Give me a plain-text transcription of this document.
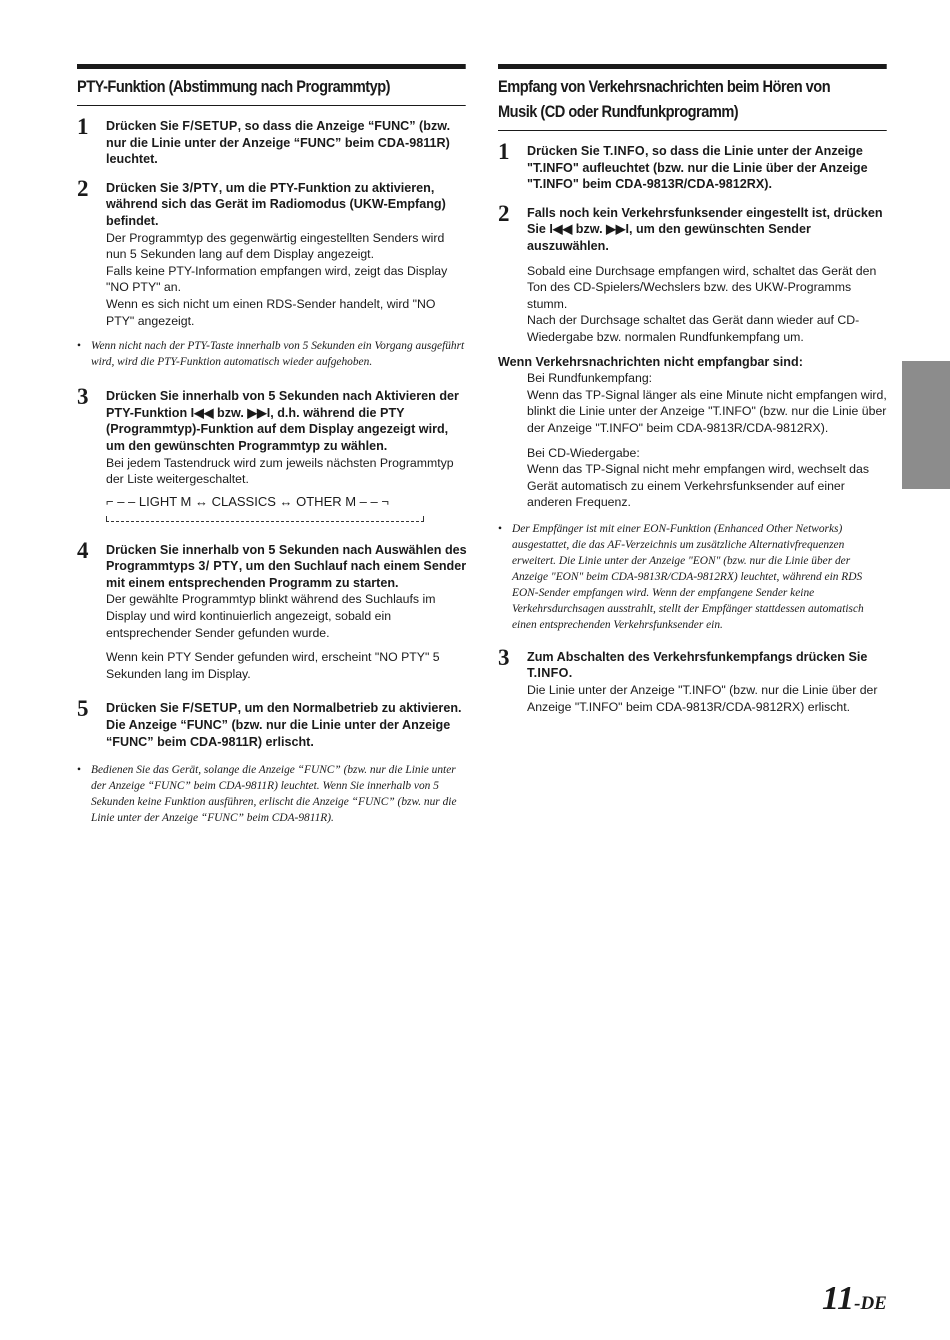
PTY-Funktion (Abstimmung nach Programmtyp)
1 Drücken Sie F/SETUP, so dass die Anzeige “FUNC” (bzw. nur die Linie unter der Anzeige “FUNC” beim CDA-9811R) leuchtet.
2 Drücken Sie 3/PTY, um die PTY-Funktion zu aktivieren, während sich das Gerät im Radiomodus (UKW-Empfang) befindet.
Der Programmtyp des gegenwärtig eingestellten Senders wird nun 5 Sekunden lang auf dem Display angezeigt.
Falls keine PTY-Information empfangen wird, zeigt das Display "NO PTY" an.
Wenn es sich nicht um einen RDS-Sender handelt, wird "NO PTY" angezeigt.
• Wenn nicht nach der PTY-Taste innerhalb von 5 Sekunden ein Vorgang ausgeführt wird, wird die PTY-Funktion automatisch wieder aufgehoben.
3 Drücken Sie innerhalb von 5 Sekunden nach Aktivieren der PTY-Funktion I◀◀ bzw. ▶▶I, d.h. während die PTY (Programmtyp)-Funktion auf dem Display angezeigt wird, um den gewünschten Programmtyp zu wählen.
Bei jedem Tastendruck wird zum jeweils nächsten Programmtyp der Liste weitergeschaltet.
⌐ – – LIGHT M ↔ CLASSICS ↔ OTHER M – – ¬
4 Drücken Sie innerhalb von 5 Sekunden nach Auswählen des Programmtyps 3/ PTY, um den Suchlauf nach einem Sender mit einem entsprechenden Programm zu starten.
Der gewählte Programmtyp blinkt während des Suchlaufs im Display und wird kontinuierlich angezeigt, sobald ein entsprechender Sender gefunden wurde.
Wenn kein PTY Sender gefunden wird, erscheint "NO PTY" 5 Sekunden lang im Display.
5 Drücken Sie F/SETUP, um den Normalbetrieb zu aktivieren.
Die Anzeige “FUNC” (bzw. nur die Linie unter der Anzeige “FUNC” beim CDA-9811R) erlischt.
• Bedienen Sie das Gerät, solange die Anzeige “FUNC” (bzw. nur die Linie unter der Anzeige “FUNC” beim CDA-9811R) leuchtet. Wenn Sie innerhalb von 5 Sekunden keine Funktion ausführen, erlischt die Anzeige “FUNC” (bzw. nur die Linie unter der Anzeige “FUNC” beim CDA-9811R).
Empfang von Verkehrsnachrichten beim Hören von
Musik (CD oder Rundfunkprogramm)
1 Drücken Sie T.INFO, so dass die Linie unter der Anzeige "T.INFO" aufleuchtet (bzw. nur die Linie über der Anzeige "T.INFO" beim CDA-9813R/CDA-9812RX).
2 Falls noch kein Verkehrsfunksender eingestellt ist, drücken Sie I◀◀ bzw. ▶▶I, um den gewünschten Sender auszuwählen.
Sobald eine Durchsage empfangen wird, schaltet das Gerät den Ton des CD-Spielers/Wechslers bzw. des UKW-Programms stumm.
Nach der Durchsage schaltet das Gerät dann wieder auf CD-Wiedergabe bzw. normalen Rundfunkempfang um.
Wenn Verkehrsnachrichten nicht empfangbar sind:
Bei Rundfunkempfang:
Wenn das TP-Signal länger als eine Minute nicht empfangen wird, blinkt die Linie unter der Anzeige "T.INFO" (bzw. nur die Linie über der Anzeige "T.INFO" beim CDA-9813R/CDA-9812RX).
Bei CD-Wiedergabe:
Wenn das TP-Signal nicht mehr empfangen wird, wechselt das Gerät automatisch zu einem Verkehrsfunksender auf einer anderen Frequenz.
• Der Empfänger ist mit einer EON-Funktion (Enhanced Other Networks) ausgestattet, die das AF-Verzeichnis um zusätzliche Alternativfrequenzen erweitert. Die Linie unter der Anzeige "EON" (bzw. nur die Linie über der Anzeige "EON" beim CDA-9813R/CDA-9812RX) leuchtet, während ein RDS EON-Sender empfangen wird. Wenn der empfangene Sender keine Verkehrsdurchsagen ausstrahlt, stellt der Empfänger stattdessen automatisch einen entsprechenden Verkehrsfunksender ein.
3 Zum Abschalten des Verkehrsfunkempfangs drücken Sie T.INFO.
Die Linie unter der Anzeige "T.INFO" (bzw. nur die Linie über der Anzeige "T.INFO" beim CDA-9813R/CDA-9812RX) erlischt.
11-DE
